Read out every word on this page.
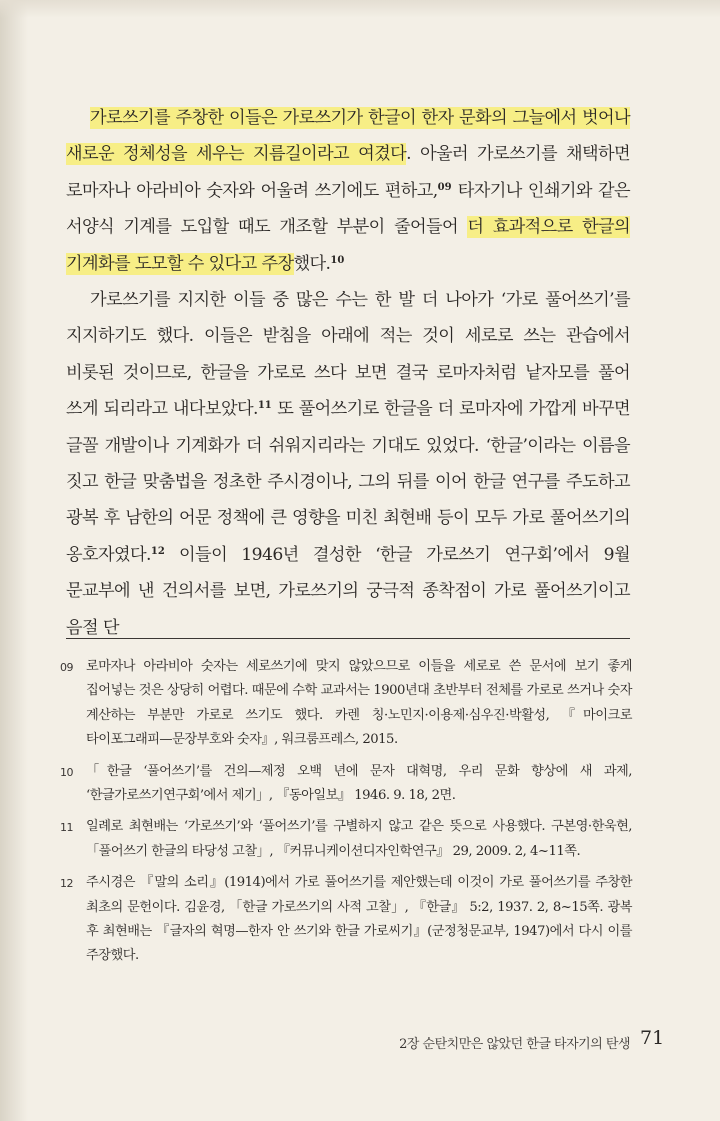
가로쓰기를 주창한 이들은 가로쓰기가 한글이 한자 문화의 그늘에서 벗어나 새로운 정체성을 세우는 지름길이라고 여겼다. 아울러 가로쓰기를 채택하면 로마자나 아라비아 숫자와 어울려 쓰기에도 편하고,$^{09}$ 타자기나 인쇄기와 같은 서양식 기계를 도입할 때도 개조할 부분이 줄어들어 더 효과적으로 한글의 기계화를 도모할 수 있다고 주장했다.$^{10}$

가로쓰기를 지지한 이들 중 많은 수는 한 발 더 나아가 ‘가로 풀어쓰기’를 지지하기도 했다. 이들은 받침을 아래에 적는 것이 세로로 쓰는 관습에서 비롯된 것이므로, 한글을 가로로 쓰다 보면 결국 로마자처럼 낱자모를 풀어 쓰게 되리라고 내다보았다.$^{11}$ 또 풀어쓰기로 한글을 더 로마자에 가깝게 바꾸면 글꼴 개발이나 기계화가 더 쉬워지리라는 기대도 있었다. ‘한글’이라는 이름을 짓고 한글 맞춤법을 정초한 주시경이나, 그의 뒤를 이어 한글 연구를 주도하고 광복 후 남한의 어문 정책에 큰 영향을 미친 최현배 등이 모두 가로 풀어쓰기의 옹호자였다.$^{12}$ 이들이 1946년 결성한 ‘한글 가로쓰기 연구회’에서 9월 문교부에 낸 건의서를 보면, 가로쓰기의 궁극적 종착점이 가로 풀어쓰기이고 음절 단

09 로마자나 아라비아 숫자는 세로쓰기에 맞지 않았으므로 이들을 세로로 쓴 문서에 보기 좋게 집어넣는 것은 상당히 어렵다. 때문에 수학 교과서는 1900년대 초반부터 전체를 가로로 쓰거나 숫자 계산하는 부분만 가로로 쓰기도 했다. 카렌 칭·노민지·이용제·심우진·박활성, 『마이크로 타이포그래피—문장부호와 숫자』, 워크룸프레스, 2015.
10 「한글 ‘풀어쓰기’를 건의—제정 오백 년에 문자 대혁명, 우리 문화 향상에 새 과제, ‘한글가로쓰기연구회’에서 제기」, 『동아일보』 1946. 9. 18, 2면.
11 일례로 최현배는 ‘가로쓰기’와 ‘풀어쓰기’를 구별하지 않고 같은 뜻으로 사용했다. 구본영·한욱현, 「풀어쓰기 한글의 타당성 고찰」, 『커뮤니케이션디자인학연구』 29, 2009. 2, 4~11쪽.
12 주시경은 『말의 소리』(1914)에서 가로 풀어쓰기를 제안했는데 이것이 가로 풀어쓰기를 주창한 최초의 문헌이다. 김윤경, 「한글 가로쓰기의 사적 고찰」, 『한글』 5:2, 1937. 2, 8~15쪽. 광복 후 최현배는 『글자의 혁명—한자 안 쓰기와 한글 가로씨기』(군정청문교부, 1947)에서 다시 이를 주장했다.
2장 순탄치만은 않았던 한글 타자기의 탄생 71
